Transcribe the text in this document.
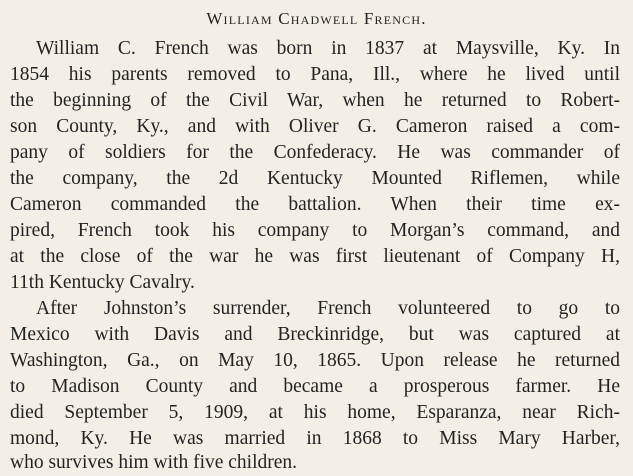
William Chadwell French.
William C. French was born in 1837 at Maysville, Ky. In
1854 his parents removed to Pana, Ill., where he lived until
the beginning of the Civil War, when he returned to Robert-
son County, Ky., and with Oliver G. Cameron raised a com-
pany of soldiers for the Confederacy. He was commander of
the company, the 2d Kentucky Mounted Riflemen, while
Cameron commanded the battalion. When their time ex-
pired, French took his company to Morgan’s command, and
at the close of the war he was first lieutenant of Company H,
11th Kentucky Cavalry.
After Johnston’s surrender, French volunteered to go to
Mexico with Davis and Breckinridge, but was captured at
Washington, Ga., on May 10, 1865. Upon release he returned
to Madison County and became a prosperous farmer. He
died September 5, 1909, at his home, Esparanza, near Rich-
mond, Ky. He was married in 1868 to Miss Mary Harber,
who survives him with five children.
